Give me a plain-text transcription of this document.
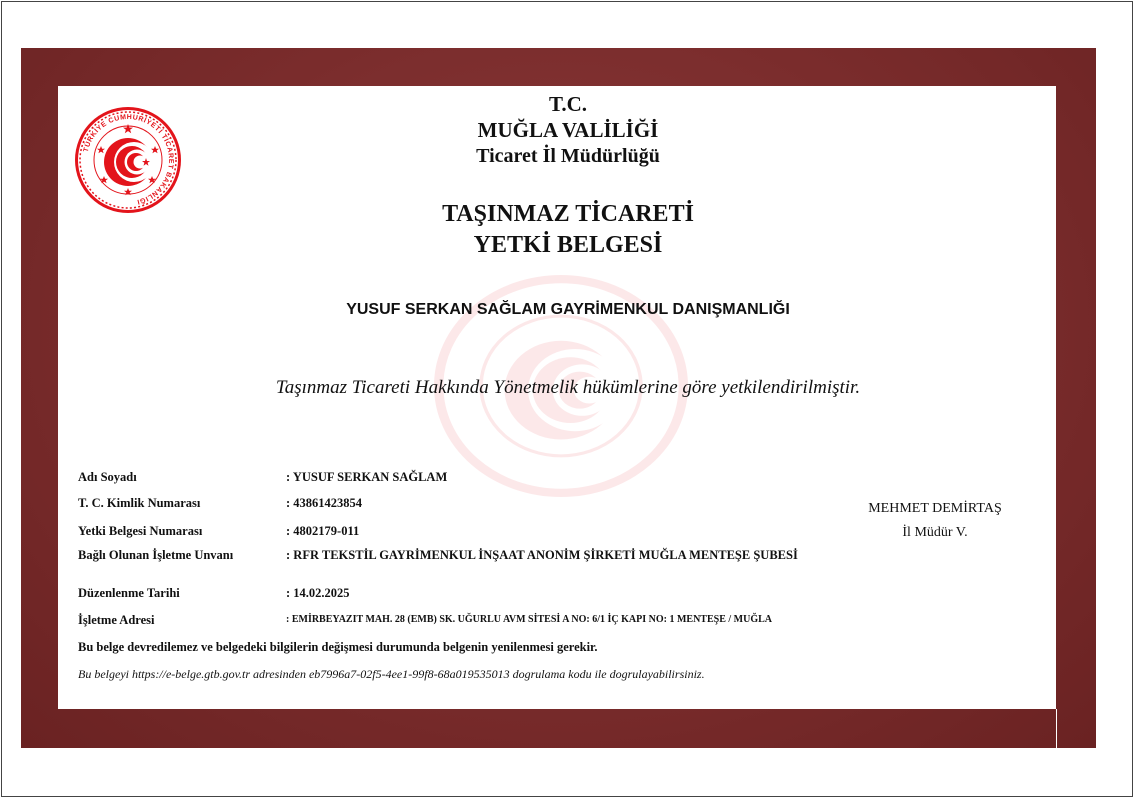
TÜRKİYE CUMHURİYETİ TİCARET BAKANLIĞI
T.C.
MUĞLA VALİLİĞİ
Ticaret İl Müdürlüğü
TAŞINMAZ TİCARETİ
YETKİ BELGESİ
YUSUF SERKAN SAĞLAM GAYRİMENKUL DANIŞMANLIĞI
Taşınmaz Ticareti Hakkında Yönetmelik hükümlerine göre yetkilendirilmiştir.
Adı Soyadı	: YUSUF SERKAN SAĞLAM
T. C. Kimlik Numarası	: 43861423854
Yetki Belgesi Numarası	: 4802179-011
Bağlı Olunan İşletme Unvanı	: RFR TEKSTİL GAYRİMENKUL İNŞAAT ANONİM ŞİRKETİ MUĞLA MENTEŞE ŞUBESİ
Düzenlenme Tarihi	: 14.02.2025
İşletme Adresi	: EMİRBEYAZIT MAH. 28 (EMB) SK. UĞURLU AVM SİTESİ A NO: 6/1 İÇ KAPI NO: 1 MENTEŞE / MUĞLA
Bu belge devredilemez ve belgedeki bilgilerin değişmesi durumunda belgenin yenilenmesi gerekir.
Bu belgeyi https://e-belge.gtb.gov.tr adresinden eb7996a7-02f5-4ee1-99f8-68a019535013 dogrulama kodu ile dogrulayabilirsiniz.
MEHMET DEMİRTAŞ
İl Müdür V.
